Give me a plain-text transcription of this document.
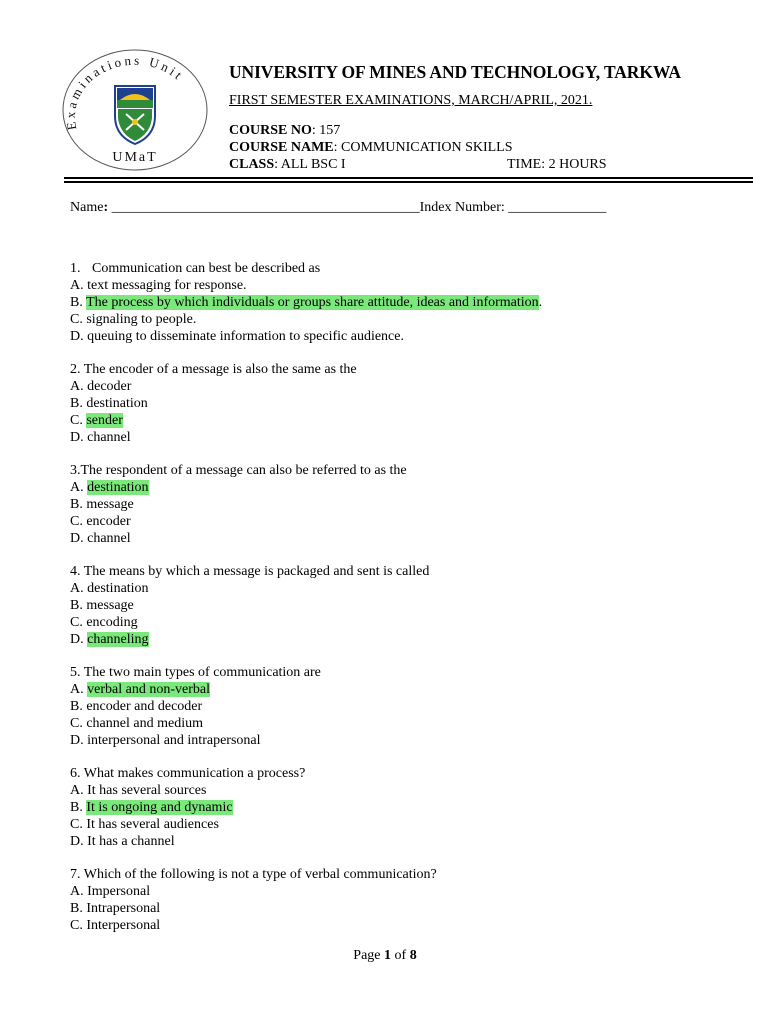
Examinations Unit
UMaT

UNIVERSITY OF MINES AND TECHNOLOGY, TARKWA

FIRST SEMESTER EXAMINATIONS, MARCH/APRIL, 2021.
COURSE NO: 157
COURSE NAME: COMMUNICATION SKILLS
CLASS: ALL BSC I	TIME: 2 HOURS
Name: ____________________________________________Index Number: ______________

1. Communication can best be described as

A. text messaging for response.

B. The process by which individuals or groups share attitude, ideas and information.

C. signaling to people.

D. queuing to disseminate information to specific audience.

2. The encoder of a message is also the same as the

A. decoder

B. destination

C. sender

D. channel

3.The respondent of a message can also be referred to as the

A. destination

B. message

C. encoder

D. channel

4. The means by which a message is packaged and sent is called

A. destination

B. message

C. encoding

D. channeling

5. The two main types of communication are

A. verbal and non-verbal

B. encoder and decoder

C. channel and medium

D. interpersonal and intrapersonal

6. What makes communication a process?

A. It has several sources

B. It is ongoing and dynamic

C. It has several audiences

D. It has a channel

7. Which of the following is not a type of verbal communication?

A. Impersonal

B. Intrapersonal

C. Interpersonal

Page 1 of 8
